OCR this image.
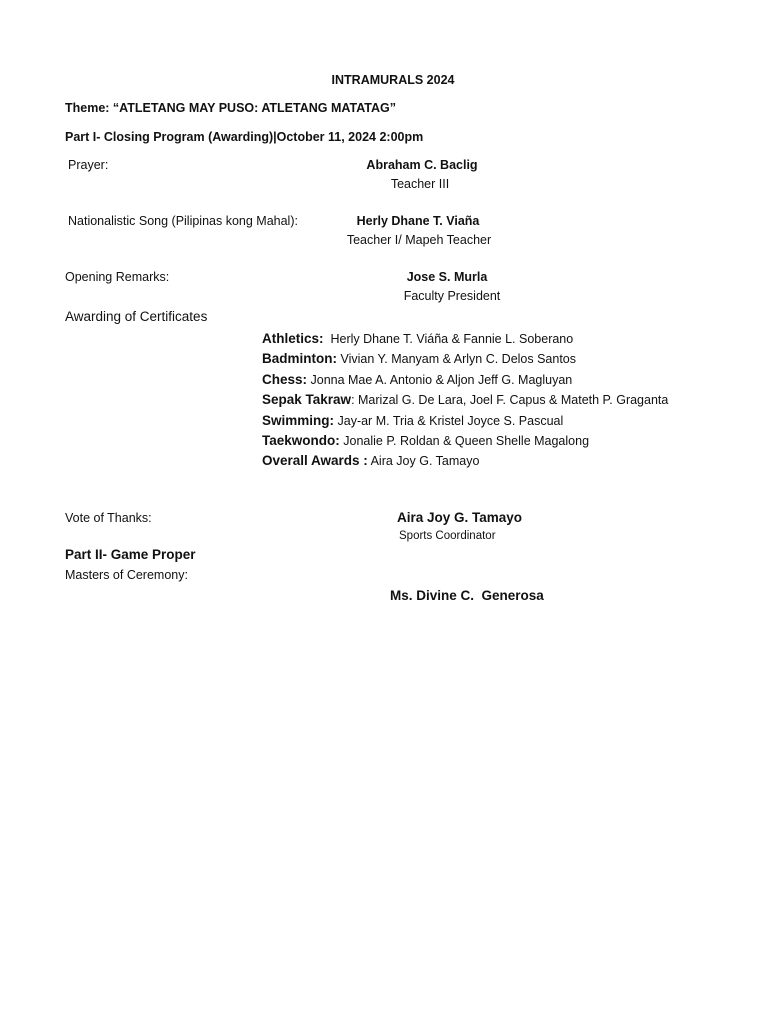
INTRAMURALS 2024
Theme: “ATLETANG MAY PUSO: ATLETANG MATATAG”
Part I- Closing Program (Awarding)|October 11, 2024 2:00pm
Prayer:	Abraham C. Baclig
Teacher III
Nationalistic Song (Pilipinas kong Mahal):	Herly Dhane T. Viaña
Teacher I/ Mapeh Teacher
Opening Remarks:	Jose S. Murla
Faculty President
Awarding of Certificates
Athletics:  Herly Dhane T. Viáña & Fannie L. Soberano
Badminton: Vivian Y. Manyam & Arlyn C. Delos Santos
Chess: Jonna Mae A. Antonio & Aljon Jeff G. Magluyan
Sepak Takraw: Marizal G. De Lara, Joel F. Capus & Mateth P. Graganta
Swimming: Jay-ar M. Tria & Kristel Joyce S. Pascual
Taekwondo: Jonalie P. Roldan & Queen Shelle Magalong
Overall Awards : Aira Joy G. Tamayo
Vote of Thanks:	Aira Joy G. Tamayo
Sports Coordinator
Part II- Game Proper
Masters of Ceremony:
Ms. Divine C.  Generosa
